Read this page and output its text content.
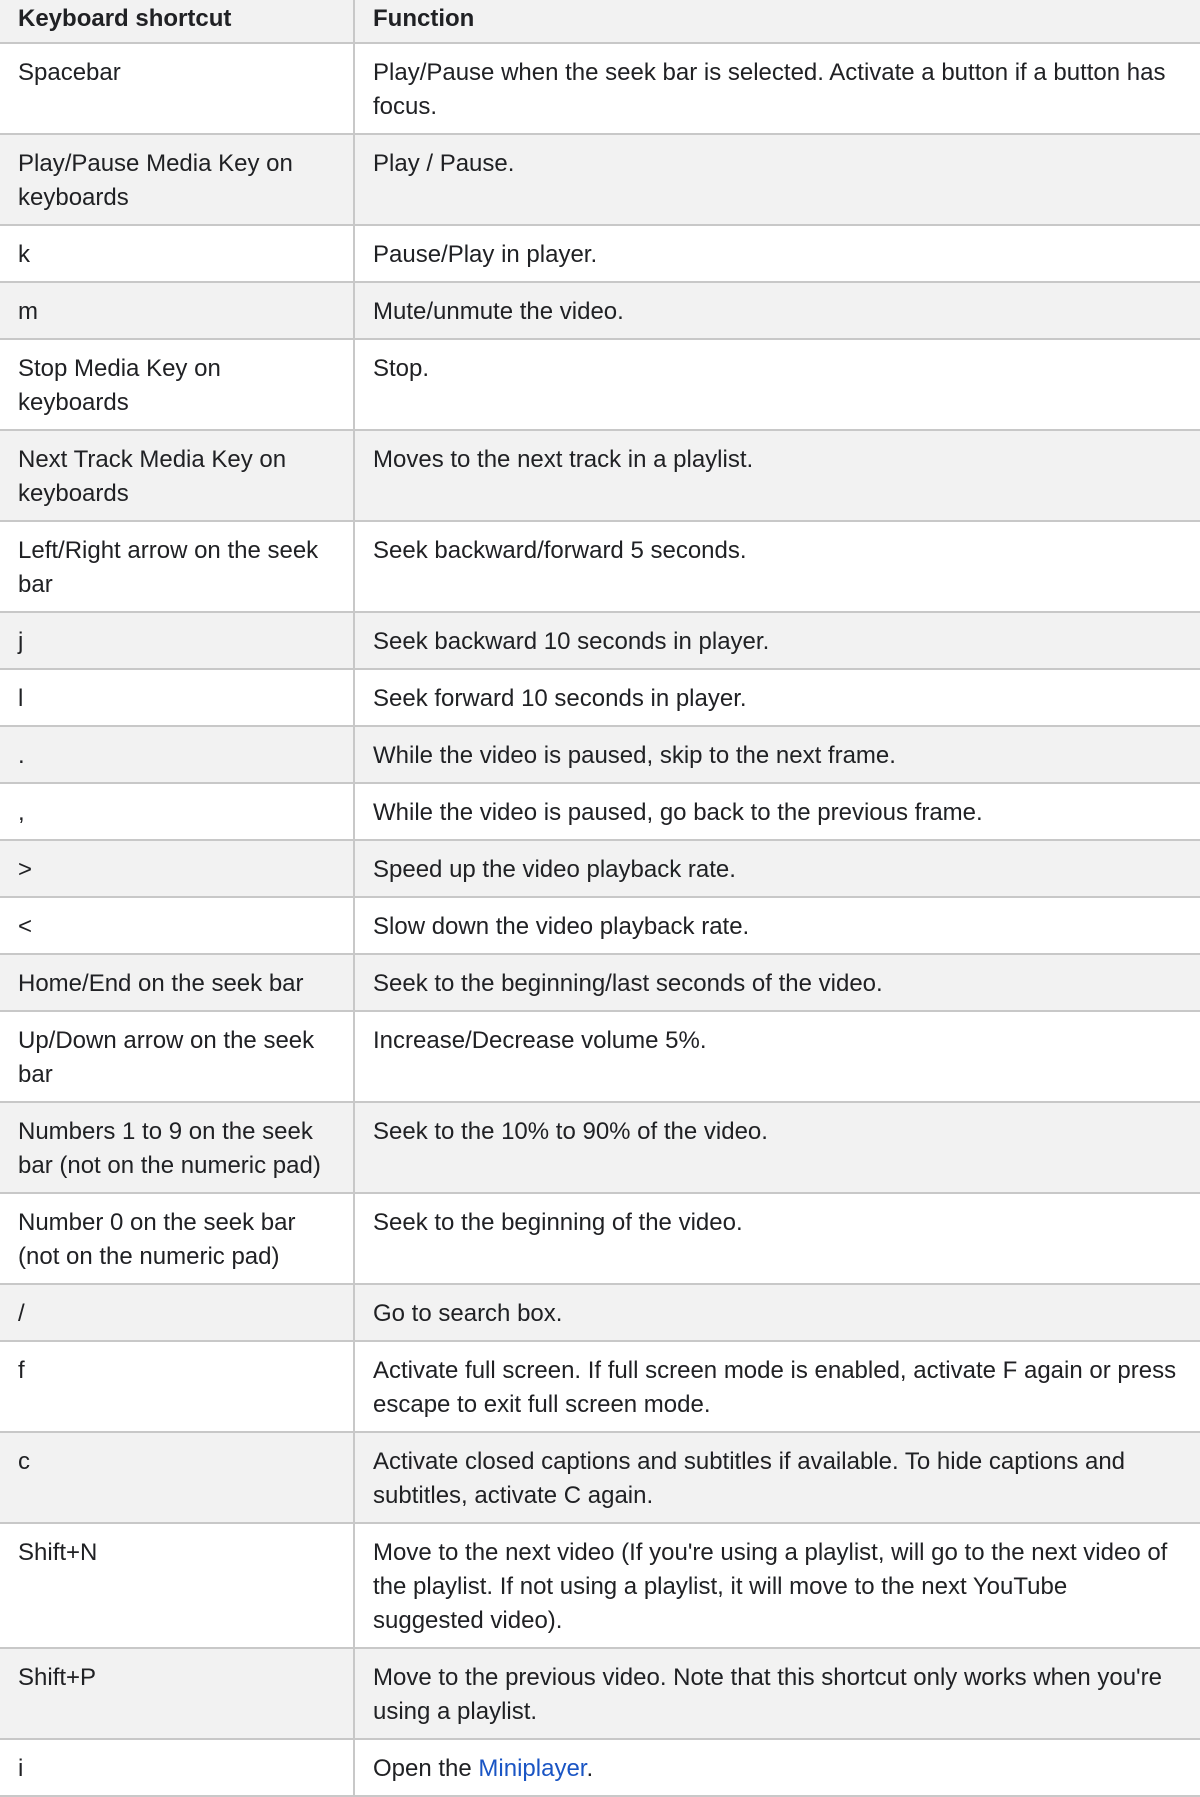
Keyboard shortcut	Function
Spacebar	Play/Pause when the seek bar is selected. Activate a button if a button has focus.
Play/Pause Media Key on keyboards	Play / Pause.
k	Pause/Play in player.
m	Mute/unmute the video.
Stop Media Key on keyboards	Stop.
Next Track Media Key on keyboards	Moves to the next track in a playlist.
Left/Right arrow on the seek bar	Seek backward/forward 5 seconds.
j	Seek backward 10 seconds in player.
l	Seek forward 10 seconds in player.
.	While the video is paused, skip to the next frame.
,	While the video is paused, go back to the previous frame.
>	Speed up the video playback rate.
<	Slow down the video playback rate.
Home/End on the seek bar	Seek to the beginning/last seconds of the video.
Up/Down arrow on the seek bar	Increase/Decrease volume 5%.
Numbers 1 to 9 on the seek bar (not on the numeric pad)	Seek to the 10% to 90% of the video.
Number 0 on the seek bar (not on the numeric pad)	Seek to the beginning of the video.
/	Go to search box.
f	Activate full screen. If full screen mode is enabled, activate F again or press escape to exit full screen mode.
c	Activate closed captions and subtitles if available. To hide captions and subtitles, activate C again.
Shift+N	Move to the next video (If you're using a playlist, will go to the next video of the playlist. If not using a playlist, it will move to the next YouTube suggested video).
Shift+P	Move to the previous video. Note that this shortcut only works when you're using a playlist.
i	Open the Miniplayer.
